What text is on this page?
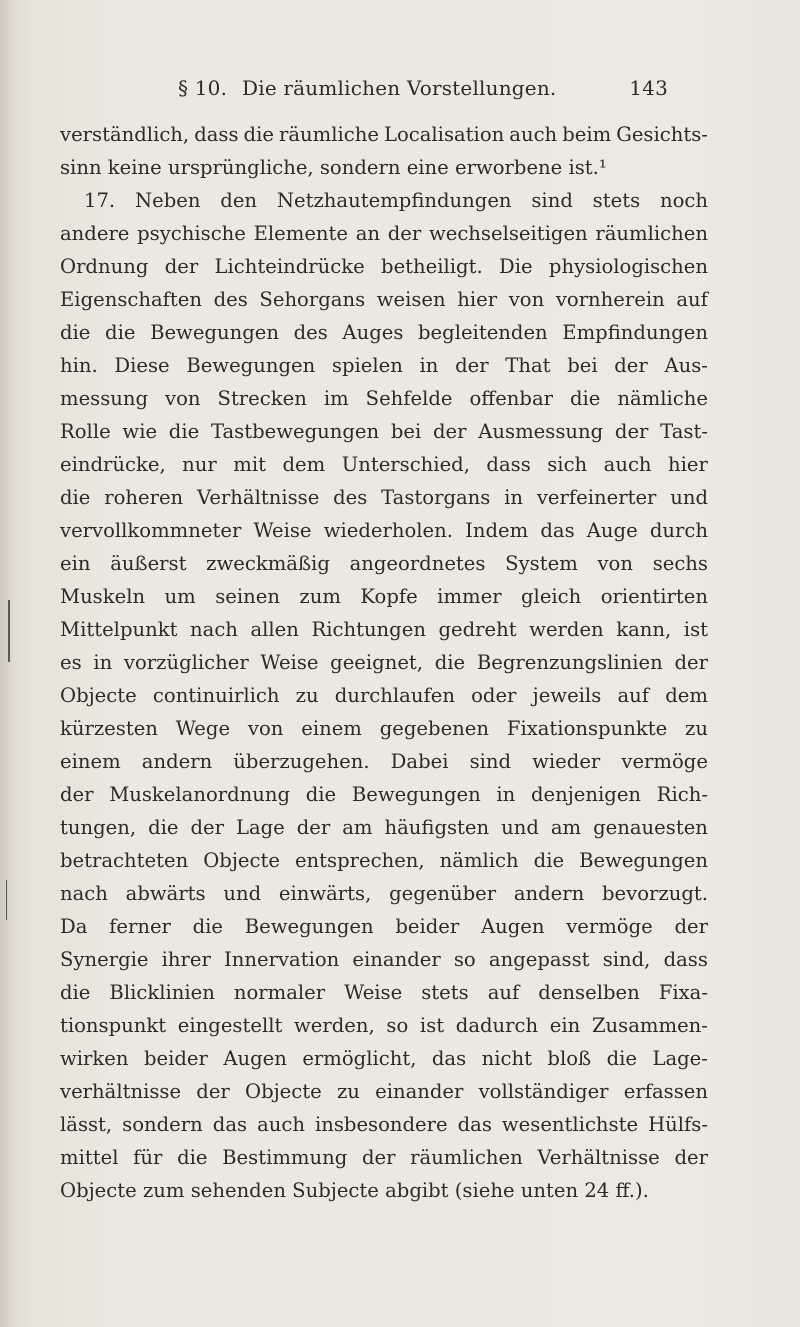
§ 10. Die räumlichen Vorstellungen.	143
verständlich, dass die räumliche Localisation auch beim Gesichts-
sinn keine ursprüngliche, sondern eine erworbene ist.¹
17. Neben den Netzhautempfindungen sind stets noch
andere psychische Elemente an der wechselseitigen räumlichen
Ordnung der Lichteindrücke betheiligt. Die physiologischen
Eigenschaften des Sehorgans weisen hier von vornherein auf
die die Bewegungen des Auges begleitenden Empfindungen
hin. Diese Bewegungen spielen in der That bei der Aus-
messung von Strecken im Sehfelde offenbar die nämliche
Rolle wie die Tastbewegungen bei der Ausmessung der Tast-
eindrücke, nur mit dem Unterschied, dass sich auch hier
die roheren Verhältnisse des Tastorgans in verfeinerter und
vervollkommneter Weise wiederholen. Indem das Auge durch
ein äußerst zweckmäßig angeordnetes System von sechs
Muskeln um seinen zum Kopfe immer gleich orientirten
Mittelpunkt nach allen Richtungen gedreht werden kann, ist
es in vorzüglicher Weise geeignet, die Begrenzungslinien der
Objecte continuirlich zu durchlaufen oder jeweils auf dem
kürzesten Wege von einem gegebenen Fixationspunkte zu
einem andern überzugehen. Dabei sind wieder vermöge
der Muskelanordnung die Bewegungen in denjenigen Rich-
tungen, die der Lage der am häufigsten und am genauesten
betrachteten Objecte entsprechen, nämlich die Bewegungen
nach abwärts und einwärts, gegenüber andern bevorzugt.
Da ferner die Bewegungen beider Augen vermöge der
Synergie ihrer Innervation einander so angepasst sind, dass
die Blicklinien normaler Weise stets auf denselben Fixa-
tionspunkt eingestellt werden, so ist dadurch ein Zusammen-
wirken beider Augen ermöglicht, das nicht bloß die Lage-
verhältnisse der Objecte zu einander vollständiger erfassen
lässt, sondern das auch insbesondere das wesentlichste Hülfs-
mittel für die Bestimmung der räumlichen Verhältnisse der
Objecte zum sehenden Subjecte abgibt (siehe unten 24 ff.).
